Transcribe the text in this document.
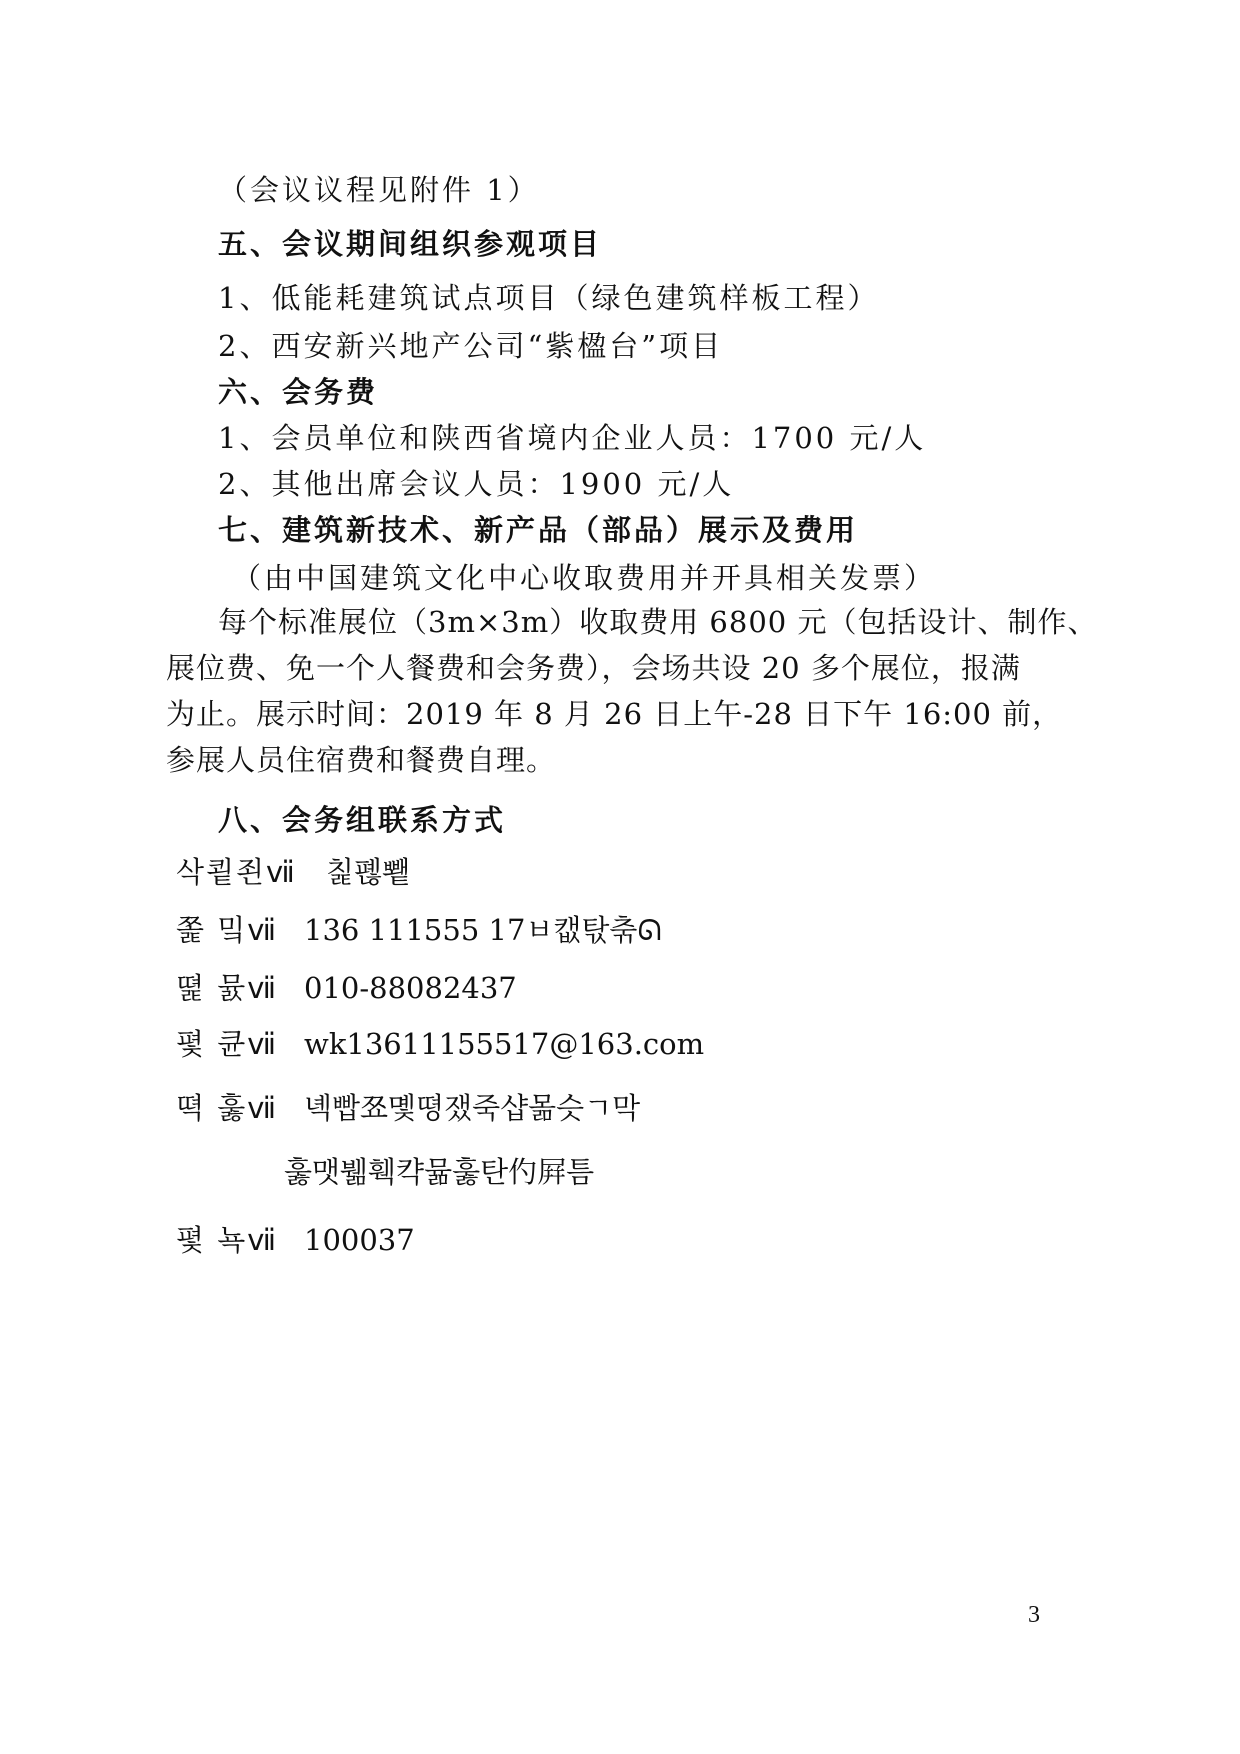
（会议议程见附件 1）
五、会议期间组织参观项目
1、低能耗建筑试点项目（绿色建筑样板工程）
2、西安新兴地产公司“紫楹台”项目
六、会务费
1、会员单位和陕西省境内企业人员：1700 元/人
2、其他出席会议人员：1900 元/人
七、建筑新技术、新产品（部品）展示及费用
（由中国建筑文化中心收取费用并开具相关发票）
每个标准展位（3m×3m）收取费用 6800 元（包括设计、制作、
展位费、免一个人餐费和会务费），会场共设 20 多个展位，报满
为止。展示时间：2019 年 8 月 26 日上午-28 日下午 16:00 前，
参展人员住宿费和餐费自理。
八、会务组联系方式
삭쿁죈ⅶ 칥폖뾑
쫉 밐ⅶ 136 111555 17ㅂ캢탃춖ᘏ
뗥 뮰ⅶ 010-88082437
폋 큔ⅶ wk13611155517@163.com
뗙 훓ⅶ 녝빱쬬몣뗭쟀죽샵몲슷ㄱ막
훓맷뷂훽캭뮮훓탄仢屛틈
폋 뇩ⅶ 100037
3
